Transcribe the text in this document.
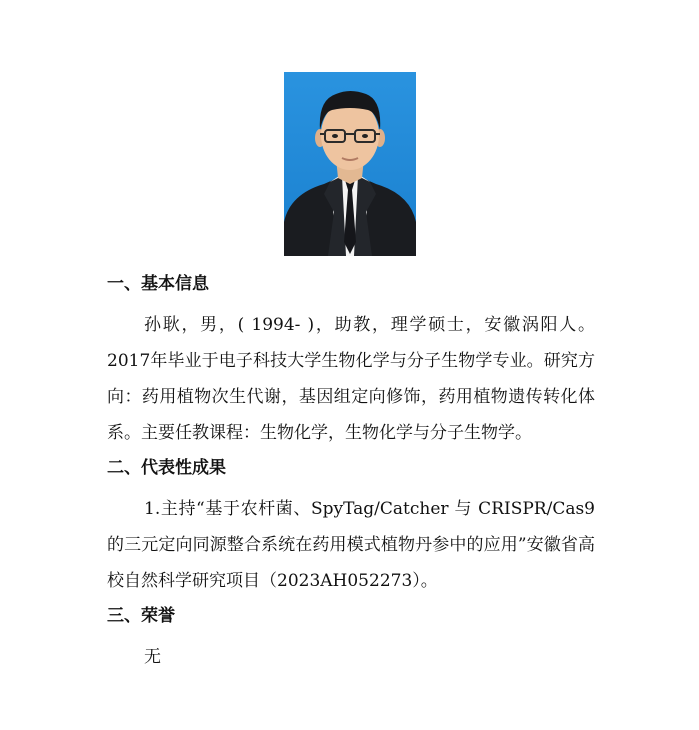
一、基本信息

孙耿，男，( 1994- )，助教，理学硕士，安徽涡阳人。2017年毕业于电子科技大学生物化学与分子生物学专业。研究方向：药用植物次生代谢，基因组定向修饰，药用植物遗传转化体系。主要任教课程：生物化学，生物化学与分子生物学。

二、代表性成果

1.主持“基于农杆菌、SpyTag/Catcher 与 CRISPR/Cas9 的三元定向同源整合系统在药用模式植物丹参中的应用”安徽省高校自然科学研究项目（2023AH052273）。

三、荣誉

无
